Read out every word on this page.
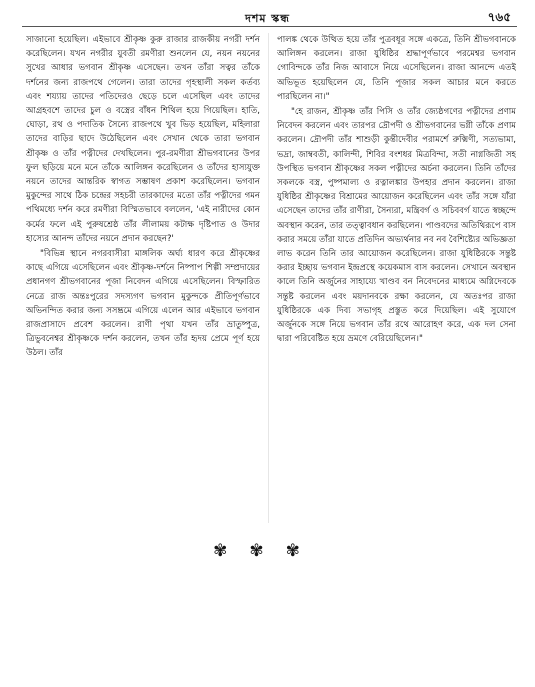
দশম স্কন্ধ	৭৬৫

সাজানো হয়েছিল। এইভাবে শ্রীকৃষ্ণ কুরু রাজার রাজকীয় নগরী দর্শন করেছিলেন। যখন নগরীর যুবতী রমণীরা শুনলেন যে, নয়ন নয়নের সুখের আধার ভগবান শ্রীকৃষ্ণ এসেছেন। তখন তাঁরা সত্বর তাঁকে দর্শনের জন্য রাজপথে গেলেন। তারা তাদের গৃহস্থালী সকল কর্তব্য এবং শয্যায় তাদের পতিদেরও ছেড়ে চলে এসেছিল এবং তাদের আগ্রহবশে তাদের চুল ও বস্ত্রের বাঁধন শিথিল হয়ে গিয়েছিল। হাতি, ঘোড়া, রথ ও পদাতিক সৈন্যে রাজপথে খুব ভিড় হয়েছিল, মহিলারা তাদের বাড়ির ছাদে উঠেছিলেন এবং সেখান থেকে তারা ভগবান শ্রীকৃষ্ণ ও তাঁর পত্নীদের দেখছিলেন। পুর-রমণীরা শ্রীভগবানের উপর ফুল ছড়িয়ে মনে মনে তাঁকে আলিঙ্গন করেছিলেন ও তাঁদের হাস্যযুক্ত নয়নে তাদের আন্তরিক স্বাগত সম্ভাষণ প্রকাশ করেছিলেন। ভগবান মুকুন্দের সাথে ঠিক চন্দ্রের সহচরী তারকাদের মতো তাঁর পত্নীদের গমন পথিমধ্যে দর্শন করে রমণীরা বিস্মিতভাবে বললেন, 'এই নারীদের কোন কর্মের ফলে এই পুরুষশ্রেষ্ঠ তাঁর লীলাময় কটাক্ষ দৃষ্টিপাত ও উদার হাস্যের আনন্দ তাঁদের নয়নে প্রদান করছেন?'

"বিভিন্ন স্থানে নগরবাসীরা মাঙ্গলিক অর্ঘ্য ধারণ করে শ্রীকৃষ্ণের কাছে এগিয়ে এসেছিলেন এবং শ্রীকৃষ্ণ-দর্শনে নিষ্পাপ শিল্পী সম্প্রদায়ের প্রধানগণ শ্রীভগবানের পূজা নিবেদন এগিয়ে এসেছিলেন। বিস্ফারিত নেত্রে রাজ অন্তঃপুরের সদস্যগণ ভগবান মুকুন্দকে প্রীতিপূর্ণভাবে অভিনন্দিত করার জন্য সসম্ভ্রমে এগিয়ে এলেন আর এইভাবে ভগবান রাজপ্রাসাদে প্রবেশ করলেন। রাণী পৃথা যখন তাঁর ভ্রাতুষ্পুত্র, ত্রিভুবনেশ্বর শ্রীকৃষ্ণকে দর্শন করলেন, তখন তাঁর হৃদয় প্রেমে পূর্ণ হয়ে উঠল। তাঁর

পালঙ্ক থেকে উত্থিত হয়ে তাঁর পুত্রবধূর সঙ্গে একত্রে, তিনি শ্রীভগবানকে আলিঙ্গন করলেন। রাজা যুধিষ্ঠির শ্রদ্ধাপূর্ণভাবে পরমেশ্বর ভগবান গোবিন্দকে তাঁর নিজ আবাসে নিয়ে এসেছিলেন। রাজা আনন্দে এতই অভিভূত হয়েছিলেন যে, তিনি পূজার সকল আচার মনে করতে পারছিলেন না।"

"হে রাজন, শ্রীকৃষ্ণ তাঁর পিসি ও তাঁর জ্যেষ্ঠগণের পত্নীদের প্রণাম নিবেদন করলেন এবং তারপর দ্রৌপদী ও শ্রীভগবানের ভগ্নী তাঁকে প্রণাম করলেন। দ্রৌপদী তাঁর শাশুড়ী কুন্তীদেবীর পরামর্শে রুক্মিণী, সত্যভামা, ভদ্রা, জাম্ববতী, কালিন্দী, শিবির বংশধর মিত্রবিন্দা, সতী নাগ্নজিতী সহ উপস্থিত ভগবান শ্রীকৃষ্ণের সকল পত্নীদের অর্চনা করলেন। তিনি তাঁদের সকলকে বস্ত্র, পুষ্পমাল্য ও রত্নালঙ্কার উপহার প্রদান করলেন। রাজা যুধিষ্ঠির শ্রীকৃষ্ণের বিশ্রামের আয়োজন করেছিলেন এবং তাঁর সঙ্গে যাঁরা এসেছেন তাদের তাঁর রাণীরা, সৈন্যরা, মন্ত্রিবর্গ ও সচিববর্গ যাতে স্বচ্ছন্দে অবস্থান করেন, তার তত্ত্বাবধান করছিলেন। পাণ্ডবদের অতিথিরূপে বাস করার সময়ে তাঁরা যাতে প্রতিদিন অভ্যর্থনার নব নব বৈশিষ্ট্যের অভিজ্ঞতা লাভ করেন তিনি তার আয়োজন করেছিলেন। রাজা যুধিষ্ঠিরকে সন্তুষ্ট করার ইচ্ছায় ভগবান ইন্দ্রপ্রস্থে কয়েকমাস বাস করলেন। সেখানে অবস্থান কালে তিনি অর্জুনের সাহায্যে খাণ্ডব বন নিবেদনের মাধ্যমে অগ্নিদেবকে সন্তুষ্ট করলেন এবং ময়দানবকে রক্ষা করলেন, যে অতঃপর রাজা যুধিষ্ঠিরকে এক দিব্য সভাগৃহ প্রস্তুত করে দিয়েছিল। এই সুযোগে অর্জুনকে সঙ্গে নিয়ে ভগবান তাঁর রথে আরোহণ করে, এক দল সেনা দ্বারা পরিবেষ্টিত হয়ে ভ্রমণে বেরিয়েছিলেন।"

✾✾✾
